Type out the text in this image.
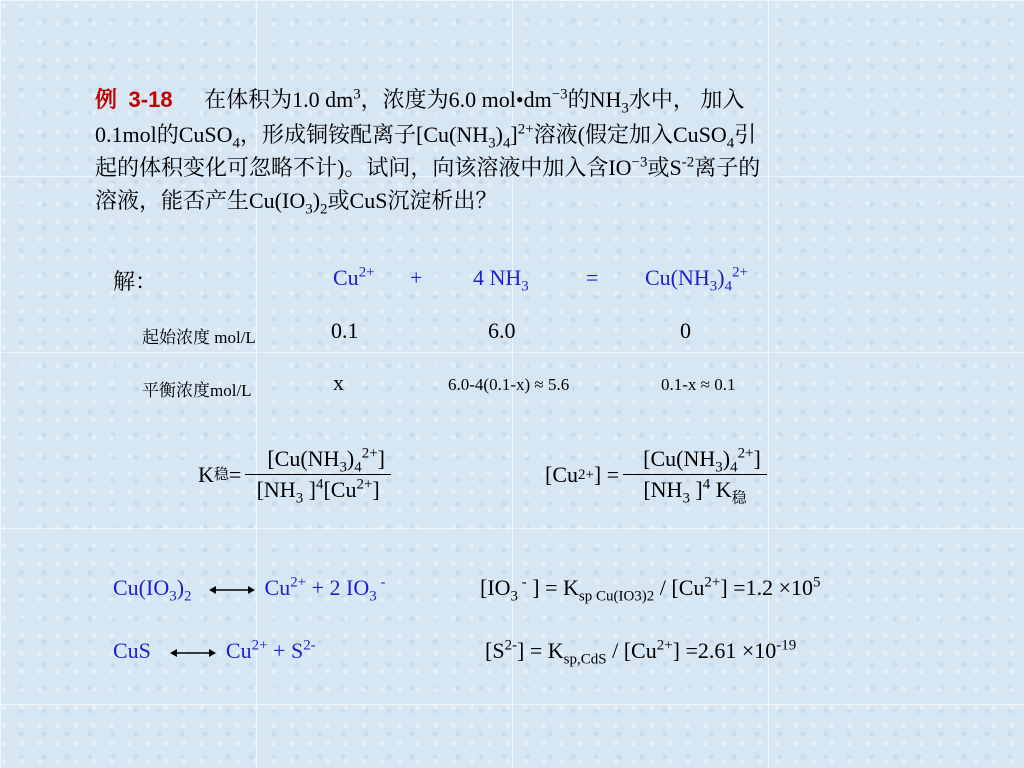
例 3-18 在体积为1.0 $dm^3$，浓度为6.0 $mol•dm^{-3}$的$NH_3$水中， 加入
0.1mol的CuSO$_4$，形成铜铵配离子$[Cu(NH_3)_4]^{2+}$溶液(假定加入CuSO$_4$引
起的体积变化可忽略不计)。试问，向该溶液中加入含$IO^{-3}$或$S^{-2}$离子的
溶液，能否产生$Cu(IO_3)_2$或CuS沉淀析出？
解：	$Cu^{2+} + 4$ $NH_3$	= $Cu(NH_3)_4^{2+}$
起始浓度 mol/L	0.1	6.0	0
平衡浓度mol/L	x	6.0-4(0.1-x) ≈ 5.6	0.1-x ≈ 0.1
K 稳 = $\frac{[Cu(NH_3)_4^{2+}]}{[NH_3 ]^4[Cu^{2+}]}$	[Cu 2+ ] = $\frac{[Cu(NH_3)_4^{2+}]}{[NH_3 ]^4 K_稳}$
$Cu(IO_3)_2$	$Cu^{2+} + 2$ $IO_3$ -	[$IO_3$ - ] = $K_{sp Cu(IO3)2} / [Cu^{2+}] =1.2 \times 10^5$
CuS	$Cu^{2+} + S^{2-}$	$[S^{2-}] = K_{sp,CdS} / [Cu^{2+}] =2.61 \times 10^{-19}$
